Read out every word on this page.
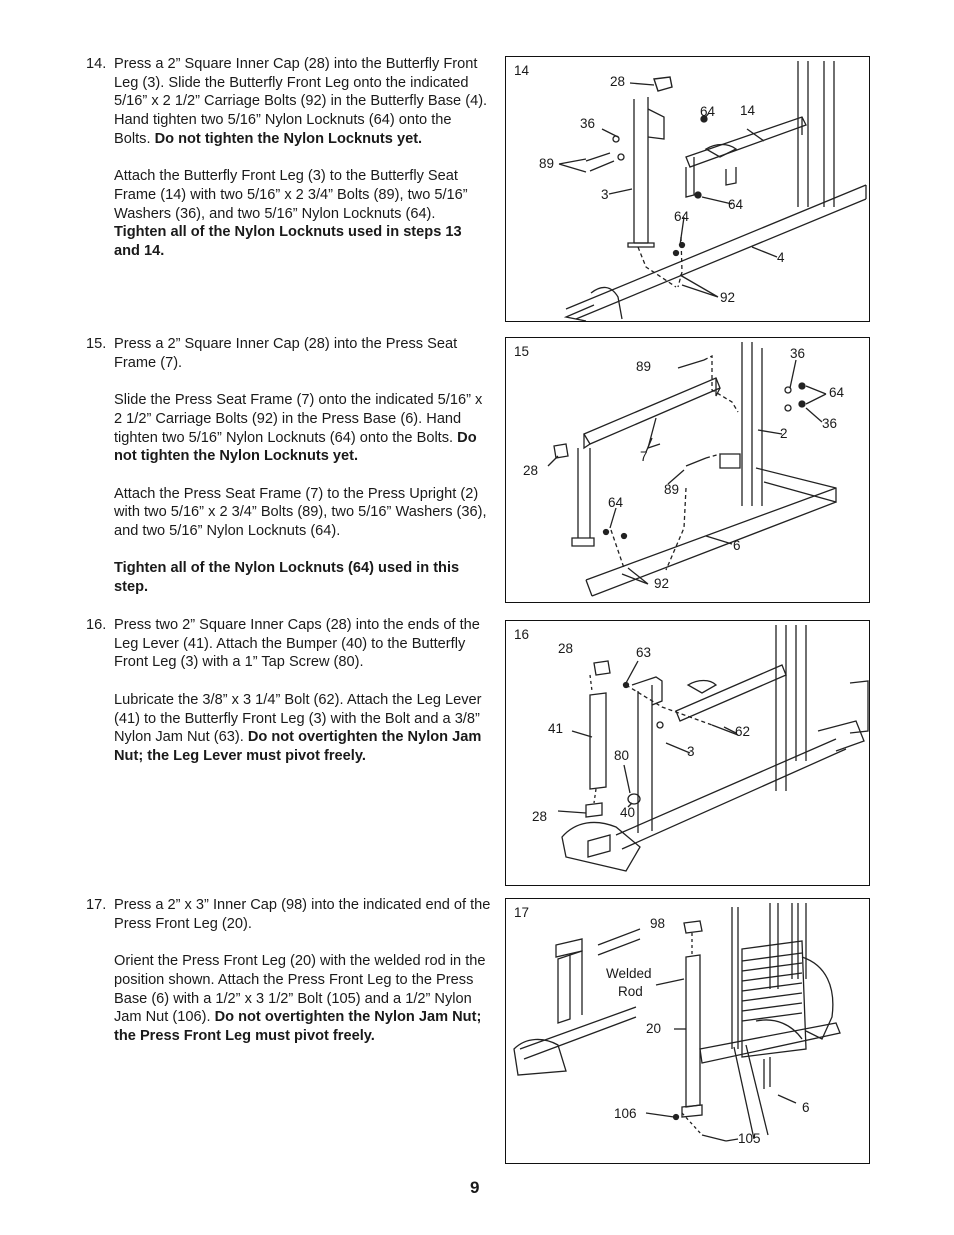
14. Press a 2” Square Inner Cap (28) into the Butterfly Front Leg (3). Slide the Butterfly Front Leg onto the indicated 5/16” x 2 1/2” Carriage Bolts (92) in the Butterfly Base (4). Hand tighten two 5/16” Nylon Locknuts (64) onto the Bolts. Do not tighten the Nylon Locknuts yet.

Attach the Butterfly Front Leg (3) to the Butterfly Seat Frame (14) with two 5/16” x 2 3/4” Bolts (89), two 5/16” Washers (36), and two 5/16” Nylon Locknuts (64). Tighten all of the Nylon Locknuts used in steps 13 and 14.

15. Press a 2” Square Inner Cap (28) into the Press Seat Frame (7).

Slide the Press Seat Frame (7) onto the indicated 5/16” x 2 1/2” Carriage Bolts (92) in the Press Base (6). Hand tighten two 5/16” Nylon Locknuts (64) onto the Bolts. Do not tighten the Nylon Locknuts yet.

Attach the Press Seat Frame (7) to the Press Upright (2) with two 5/16” x 2 3/4” Bolts (89), two 5/16” Washers (36), and two 5/16” Nylon Locknuts (64).

Tighten all of the Nylon Locknuts (64) used in this step.

16. Press two 2” Square Inner Caps (28) into the ends of the Leg Lever (41). Attach the Bumper (40) to the Butterfly Front Leg (3) with a 1” Tap Screw (80).

Lubricate the 3/8” x 3 1/4” Bolt (62). Attach the Leg Lever (41) to the Butterfly Front Leg (3) with the Bolt and a 3/8” Nylon Jam Nut (63). Do not overtighten the Nylon Jam Nut; the Leg Lever must pivot freely.

17. Press a 2” x 3” Inner Cap (98) into the indicated end of the Press Front Leg (20).

Orient the Press Front Leg (20) with the welded rod in the position shown. Attach the Press Front Leg to the Press Base (6) with a 1/2” x 3 1/2” Bolt (105) and a 1/2” Nylon Jam Nut (106). Do not overtighten the Nylon Jam Nut; the Press Front Leg must pivot freely.

14
28
36
64 14
89
3
64
64
4
92
15
89
36
64
36
2
7
28
89
64
6
92
16
28	63
41	62
3
80
40
28
17
98
Welded
Rod
20
106	6
105
9
